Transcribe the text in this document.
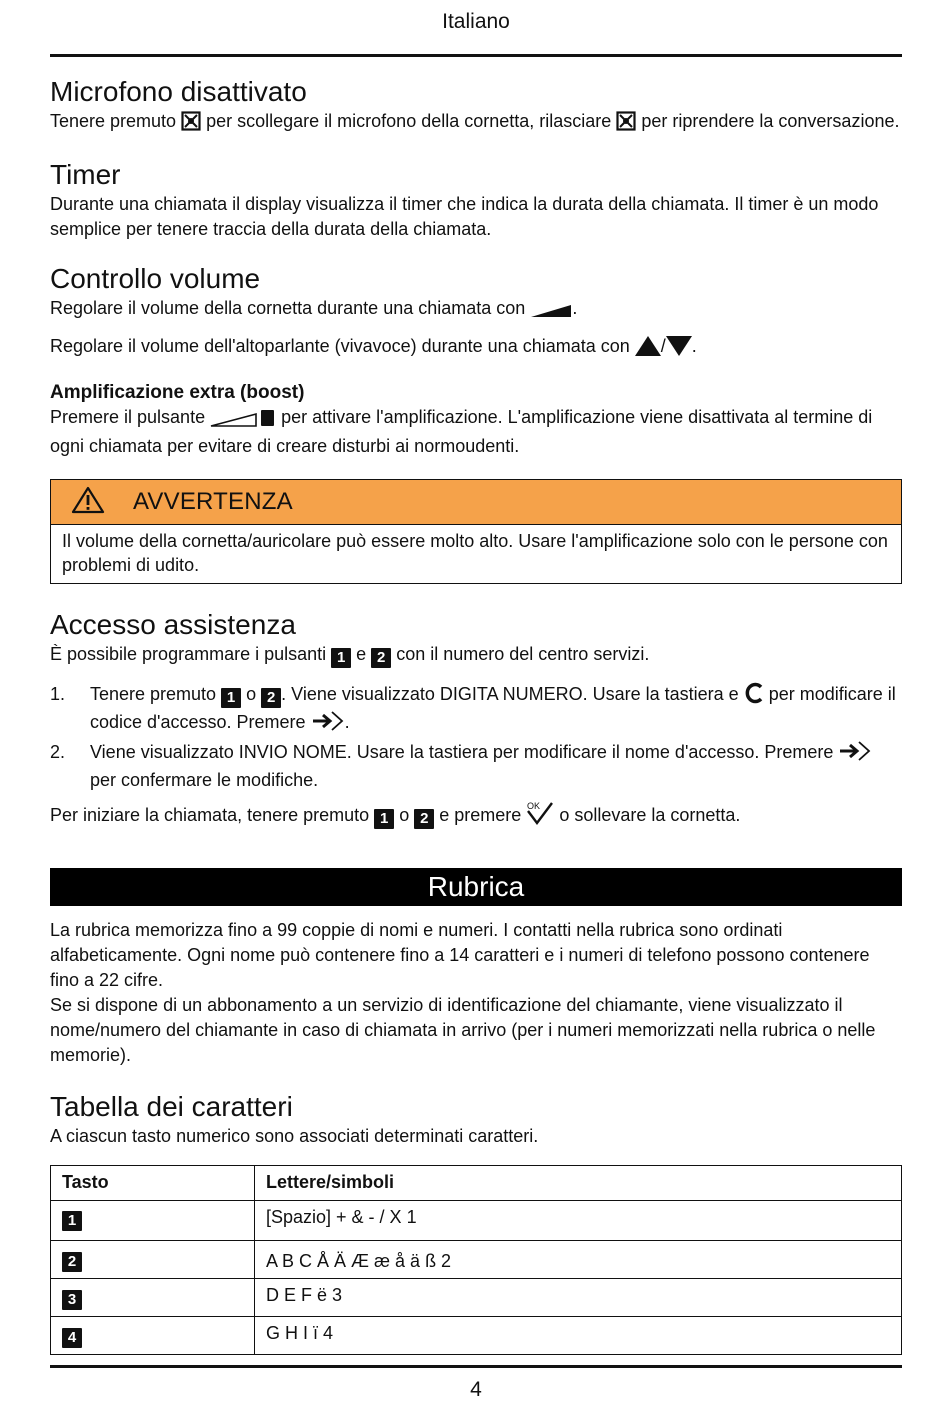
Italiano
Microfono disattivato

Tenere premuto per scollegare il microfono della cornetta, rilasciare per riprendere la conversazione.

Timer

Durante una chiamata il display visualizza il timer che indica la durata della chiamata. Il timer è un modo semplice per tenere traccia della durata della chiamata.

Controllo volume

Regolare il volume della cornetta durante una chiamata con	.

Regolare il volume dell'altoparlante (vivavoce) durante una chiamata con / .

Amplificazione extra (boost)

Premere il pulsante	per attivare l'amplificazione. L'amplificazione viene disattivata al termine di ogni chiamata per evitare di creare disturbi ai normoudenti.

AVVERTENZA
Il volume della cornetta/auricolare può essere molto alto. Usare l'amplificazione solo con le persone con problemi di udito.
Accesso assistenza

È possibile programmare i pulsanti 1 e 2 con il numero del centro servizi.

1. Tenere premuto 1 o 2 . Viene visualizzato DIGITA NUMERO. Usare la tastiera e per modificare il codice d'accesso. Premere .
2. Viene visualizzato INVIO NOME. Usare la tastiera per modificare il nome d'accesso. Premere  per confermare le modifiche.

Per iniziare la chiamata, tenere premuto 1 o 2 e premere OK o sollevare la cornetta.

Rubrica

La rubrica memorizza fino a 99 coppie di nomi e numeri. I contatti nella rubrica sono ordinati alfabeticamente. Ogni nome può contenere fino a 14 caratteri e i numeri di telefono possono contenere fino a 22 cifre.

Se si dispone di un abbonamento a un servizio di identificazione del chiamante, viene visualizzato il nome/numero del chiamante in caso di chiamata in arrivo (per i numeri memorizzati nella rubrica o nelle memorie).

Tabella dei caratteri

A ciascun tasto numerico sono associati determinati caratteri.

Tasto	Lettere/simboli
1	[Spazio] + & - / X 1
2	A B C Å Ä Æ æ å ä ß 2
3	D E F ë 3
4	G H I ï 4
4
